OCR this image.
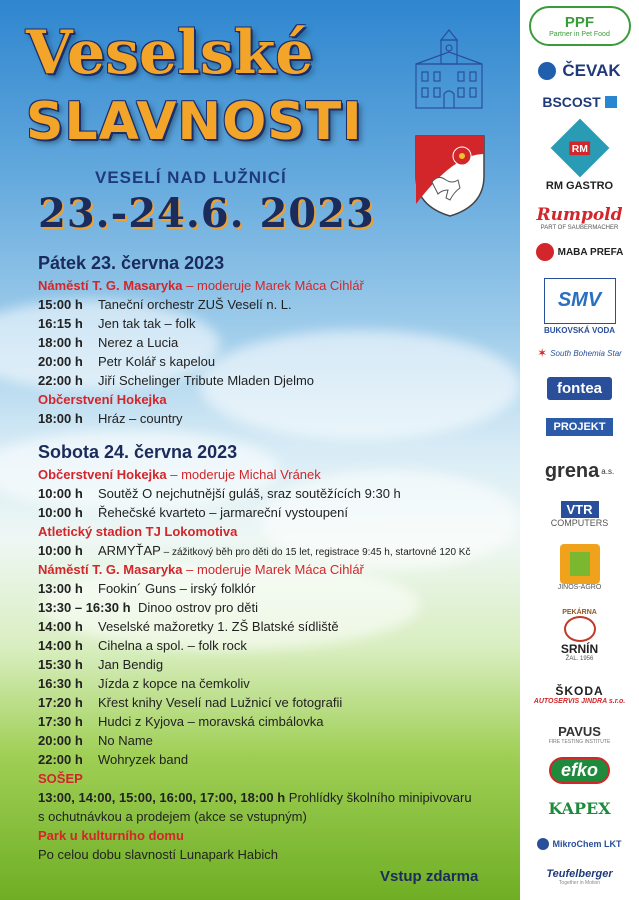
Veselské
SLAVNOSTI
VESELÍ NAD LUŽNICÍ
23.-24.6. 2023
Pátek 23. června 2023
Náměstí T. G. Masaryka – moderuje Marek Máca Cihlář
15:00 h Taneční orchestr ZUŠ Veselí n. L.
16:15 h Jen tak tak – folk
18:00 h Nerez a Lucia
20:00 h Petr Kolář s kapelou
22:00 h Jiří Schelinger Tribute Mladen Djelmo
Občerstvení Hokejka
18:00 h Hráz – country
Sobota 24. června 2023
Občerstvení Hokejka – moderuje Michal Vránek
10:00 h Soutěž O nejchutnější guláš, sraz soutěžících 9:30 h
10:00 h Řehečské kvarteto – jarmareční vystoupení
Atletický stadion TJ Lokomotiva
10:00 h ARMYŤAP – zážitkový běh pro děti do 15 let, registrace 9:45 h, startovné 120 Kč
Náměstí T. G. Masaryka – moderuje Marek Máca Cihlář
13:00 h Fookin´ Guns – irský folklór
13:30 – 16:30 h Dinoo ostrov pro děti
14:00 h Veselské mažoretky 1. ZŠ Blatské sídliště
14:00 h Cihelna a spol. – folk rock
15:30 h Jan Bendig
16:30 h Jízda z kopce na čemkoliv
17:20 h Křest knihy Veselí nad Lužnicí ve fotografii
17:30 h Hudci z Kyjova – moravská cimbálovka
20:00 h No Name
22:00 h Wohryzek band
SOŠEP
13:00, 14:00, 15:00, 16:00, 17:00, 18:00 h Prohlídky školního minipivovaru
s ochutnávkou a prodejem (akce se vstupným)
Park u kulturního domu
Po celou dobu slavností Lunapark Habich
Vstup zdarma
PPF
Partner in Pet Food
ČEVAK
BSCOST
RM
RM GASTRO
Rumpold
PART OF SAUBERMACHER
MABA PREFA
SMV
BUKOVSKÁ VODA
✶ South Bohemia Star
fontea
PROJEKT
grena a.s.
VTR
COMPUTERS
JINOS-AGRO
PEKÁRNA
SRNÍN
ŽAL. 1956
ŠKODA
AUTOSERVIS JINDRA s.r.o.
PAVUS
FIRE TESTING INSTITUTE
efko
KAPEX
MikroChem LKT
Teufelberger
Together in Motion
